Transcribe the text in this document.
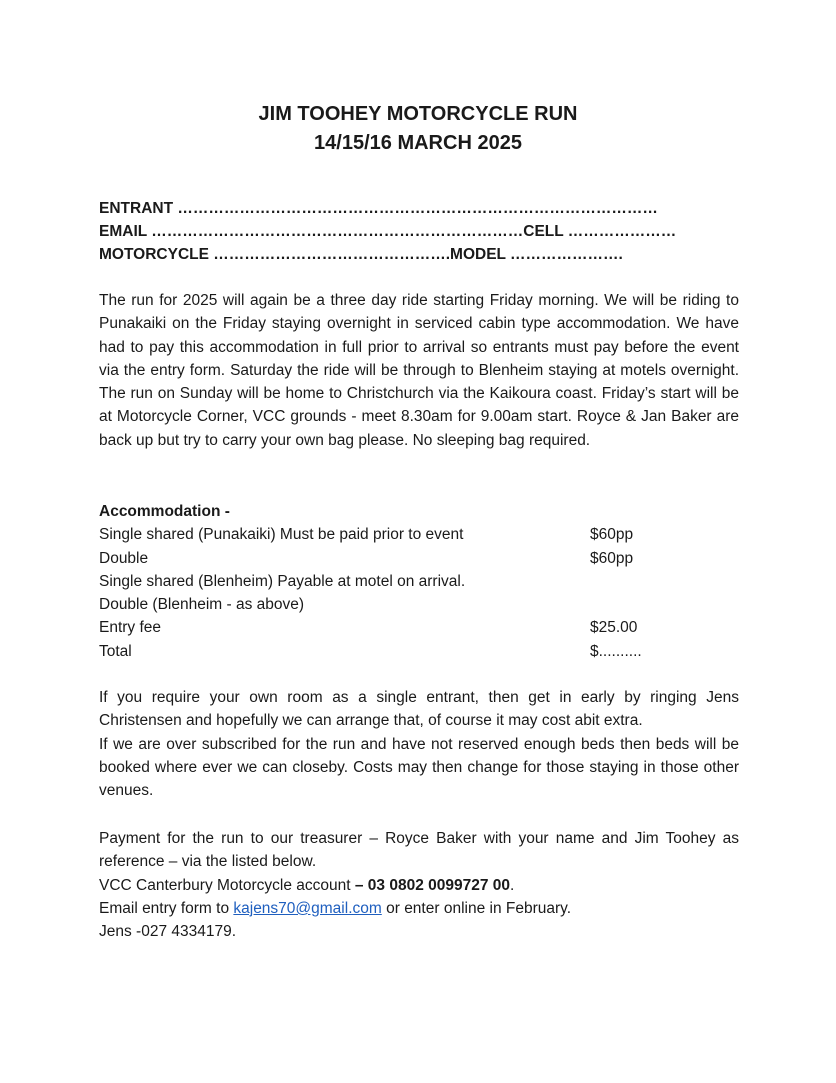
JIM TOOHEY MOTORCYCLE RUN
14/15/16 MARCH 2025
ENTRANT …………………………………………………………………………………
EMAIL ………………………………………………………………CELL …………………
MOTORCYCLE ……………………………………….MODEL ………………….

The run for 2025 will again be a three day ride starting Friday morning. We will be riding to Punakaiki on the Friday staying overnight in serviced cabin type accommodation. We have had to pay this accommodation in full prior to arrival so entrants must pay before the event via the entry form. Saturday the ride will be through to Blenheim staying at motels overnight. The run on Sunday will be home to Christchurch via the Kaikoura coast. Friday’s start will be at Motorcycle Corner, VCC grounds - meet 8.30am for 9.00am start. Royce & Jan Baker are back up but try to carry your own bag please. No sleeping bag required.

Accommodation -
Single shared (Punakaiki) Must be paid prior to event	$60pp
Double	$60pp
Single shared (Blenheim) Payable at motel on arrival.
Double (Blenheim - as above)
Entry fee	$25.00
Total	$..........

If you require your own room as a single entrant, then get in early by ringing Jens Christensen and hopefully we can arrange that, of course it may cost abit extra.

If we are over subscribed for the run and have not reserved enough beds then beds will be booked where ever we can closeby. Costs may then change for those staying in those other venues.

Payment for the run to our treasurer – Royce Baker with your name and Jim Toohey as reference – via the listed below.

VCC Canterbury Motorcycle account – 03 0802 0099727 00.

Email entry form to kajens70@gmail.com or enter online in February.

Jens -027 4334179.
